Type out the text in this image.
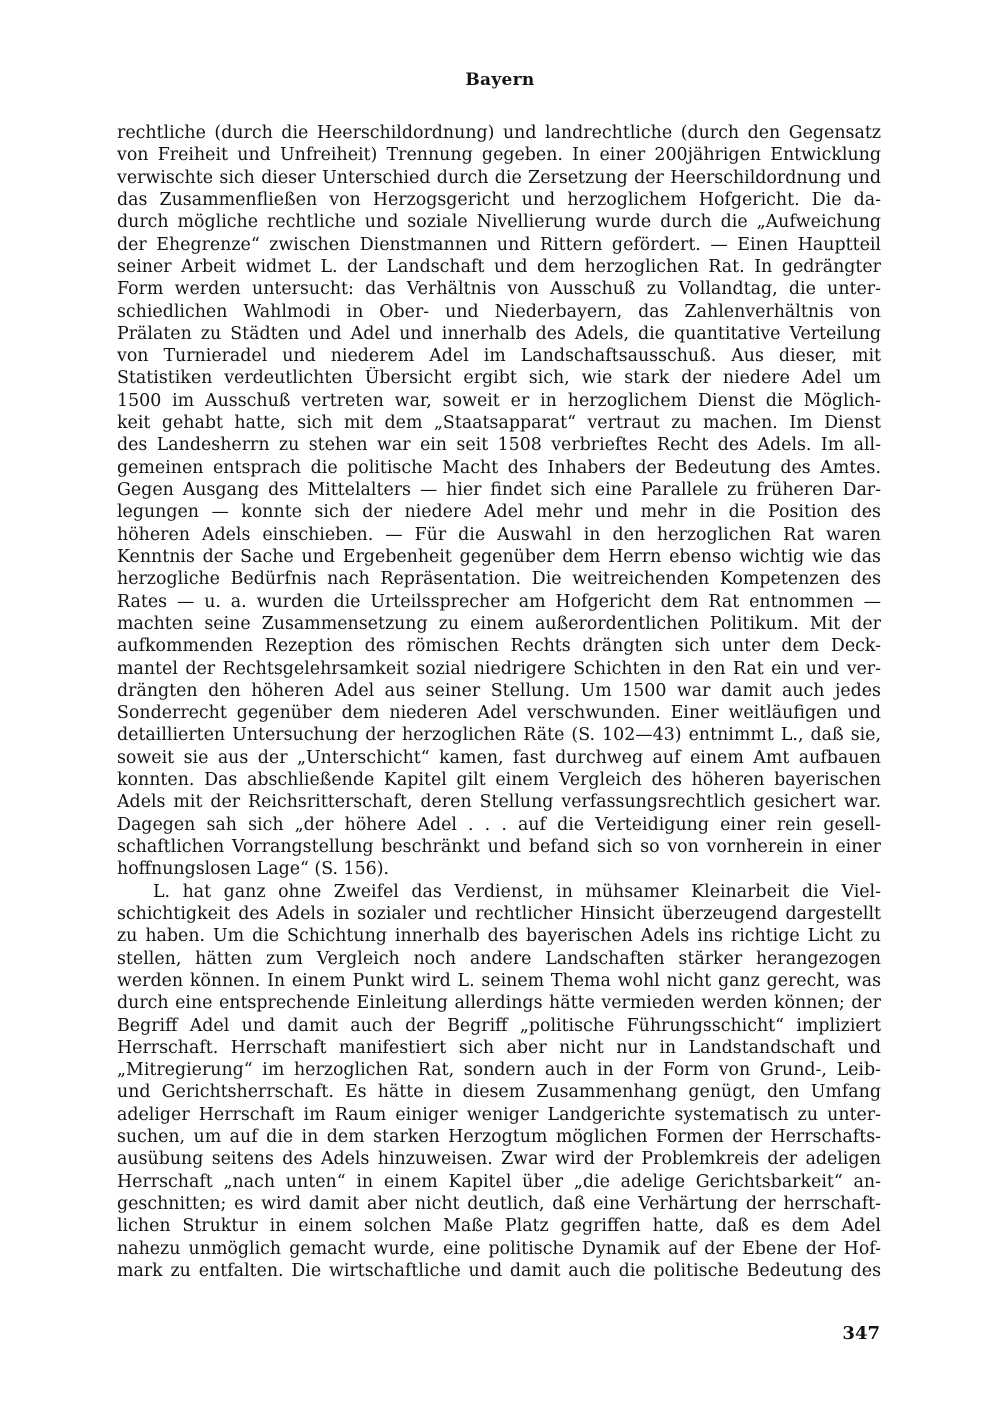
Bayern
rechtliche (durch die Heerschildordnung) und landrechtliche (durch den Gegensatz
von Freiheit und Unfreiheit) Trennung gegeben. In einer 200jährigen Entwicklung
verwischte sich dieser Unterschied durch die Zersetzung der Heerschildordnung und
das Zusammenfließen von Herzogsgericht und herzoglichem Hofgericht. Die da-
durch mögliche rechtliche und soziale Nivellierung wurde durch die „Aufweichung
der Ehegrenze“ zwischen Dienstmannen und Rittern gefördert. — Einen Hauptteil
seiner Arbeit widmet L. der Landschaft und dem herzoglichen Rat. In gedrängter
Form werden untersucht: das Verhältnis von Ausschuß zu Vollandtag, die unter-
schiedlichen Wahlmodi in Ober- und Niederbayern, das Zahlenverhältnis von
Prälaten zu Städten und Adel und innerhalb des Adels, die quantitative Verteilung
von Turnieradel und niederem Adel im Landschaftsausschuß. Aus dieser, mit
Statistiken verdeutlichten Übersicht ergibt sich, wie stark der niedere Adel um
1500 im Ausschuß vertreten war, soweit er in herzoglichem Dienst die Möglich-
keit gehabt hatte, sich mit dem „Staatsapparat“ vertraut zu machen. Im Dienst
des Landesherrn zu stehen war ein seit 1508 verbrieftes Recht des Adels. Im all-
gemeinen entsprach die politische Macht des Inhabers der Bedeutung des Amtes.
Gegen Ausgang des Mittelalters — hier findet sich eine Parallele zu früheren Dar-
legungen — konnte sich der niedere Adel mehr und mehr in die Position des
höheren Adels einschieben. — Für die Auswahl in den herzoglichen Rat waren
Kenntnis der Sache und Ergebenheit gegenüber dem Herrn ebenso wichtig wie das
herzogliche Bedürfnis nach Repräsentation. Die weitreichenden Kompetenzen des
Rates — u. a. wurden die Urteilssprecher am Hofgericht dem Rat entnommen —
machten seine Zusammensetzung zu einem außerordentlichen Politikum. Mit der
aufkommenden Rezeption des römischen Rechts drängten sich unter dem Deck-
mantel der Rechtsgelehrsamkeit sozial niedrigere Schichten in den Rat ein und ver-
drängten den höheren Adel aus seiner Stellung. Um 1500 war damit auch jedes
Sonderrecht gegenüber dem niederen Adel verschwunden. Einer weitläufigen und
detaillierten Untersuchung der herzoglichen Räte (S. 102—43) entnimmt L., daß sie,
soweit sie aus der „Unterschicht“ kamen, fast durchweg auf einem Amt aufbauen
konnten. Das abschließende Kapitel gilt einem Vergleich des höheren bayerischen
Adels mit der Reichsritterschaft, deren Stellung verfassungsrechtlich gesichert war.
Dagegen sah sich „der höhere Adel . . . auf die Verteidigung einer rein gesell-
schaftlichen Vorrangstellung beschränkt und befand sich so von vornherein in einer
hoffnungslosen Lage“ (S. 156).
L. hat ganz ohne Zweifel das Verdienst, in mühsamer Kleinarbeit die Viel-
schichtigkeit des Adels in sozialer und rechtlicher Hinsicht überzeugend dargestellt
zu haben. Um die Schichtung innerhalb des bayerischen Adels ins richtige Licht zu
stellen, hätten zum Vergleich noch andere Landschaften stärker herangezogen
werden können. In einem Punkt wird L. seinem Thema wohl nicht ganz gerecht, was
durch eine entsprechende Einleitung allerdings hätte vermieden werden können; der
Begriff Adel und damit auch der Begriff „politische Führungsschicht“ impliziert
Herrschaft. Herrschaft manifestiert sich aber nicht nur in Landstandschaft und
„Mitregierung“ im herzoglichen Rat, sondern auch in der Form von Grund-, Leib-
und Gerichtsherrschaft. Es hätte in diesem Zusammenhang genügt, den Umfang
adeliger Herrschaft im Raum einiger weniger Landgerichte systematisch zu unter-
suchen, um auf die in dem starken Herzogtum möglichen Formen der Herrschafts-
ausübung seitens des Adels hinzuweisen. Zwar wird der Problemkreis der adeligen
Herrschaft „nach unten“ in einem Kapitel über „die adelige Gerichtsbarkeit“ an-
geschnitten; es wird damit aber nicht deutlich, daß eine Verhärtung der herrschaft-
lichen Struktur in einem solchen Maße Platz gegriffen hatte, daß es dem Adel
nahezu unmöglich gemacht wurde, eine politische Dynamik auf der Ebene der Hof-
mark zu entfalten. Die wirtschaftliche und damit auch die politische Bedeutung des
347
